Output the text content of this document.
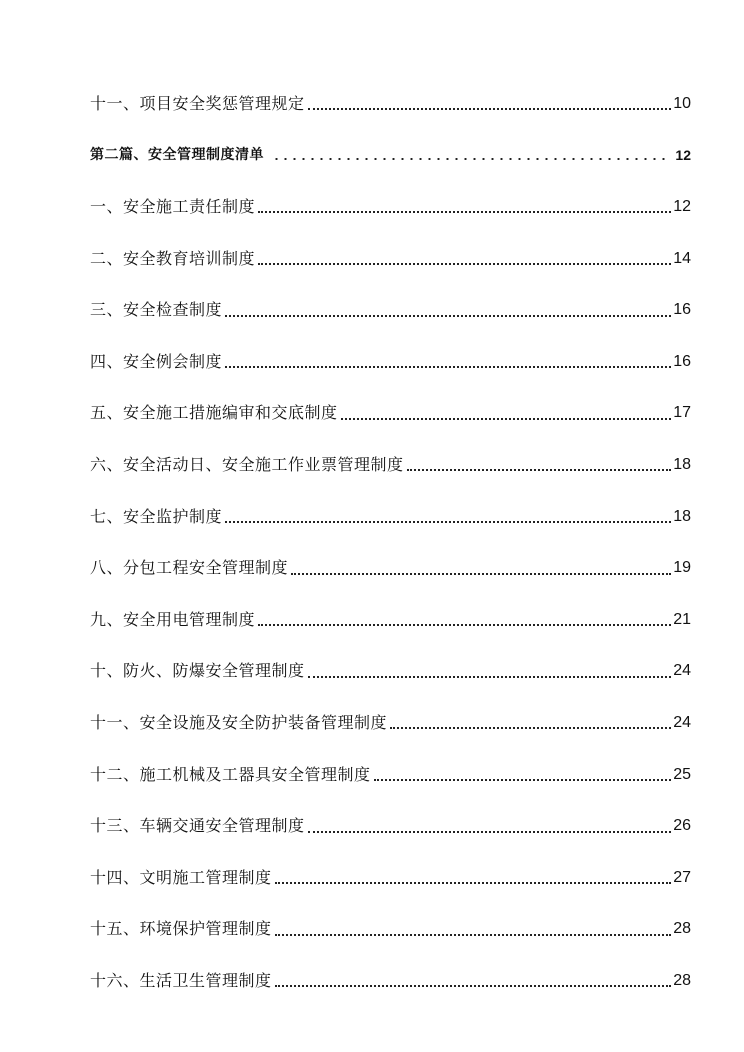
十一、项目安全奖惩管理规定	10
第二篇、安全管理制度清单	12
一、安全施工责任制度	12
二、安全教育培训制度	14
三、安全检查制度	16
四、安全例会制度	16
五、安全施工措施编审和交底制度	17
六、安全活动日、安全施工作业票管理制度	18
七、安全监护制度	18
八、分包工程安全管理制度	19
九、安全用电管理制度	21
十、防火、防爆安全管理制度	24
十一、安全设施及安全防护装备管理制度	24
十二、施工机械及工器具安全管理制度	25
十三、车辆交通安全管理制度	26
十四、文明施工管理制度	27
十五、环境保护管理制度	28
十六、生活卫生管理制度	28
